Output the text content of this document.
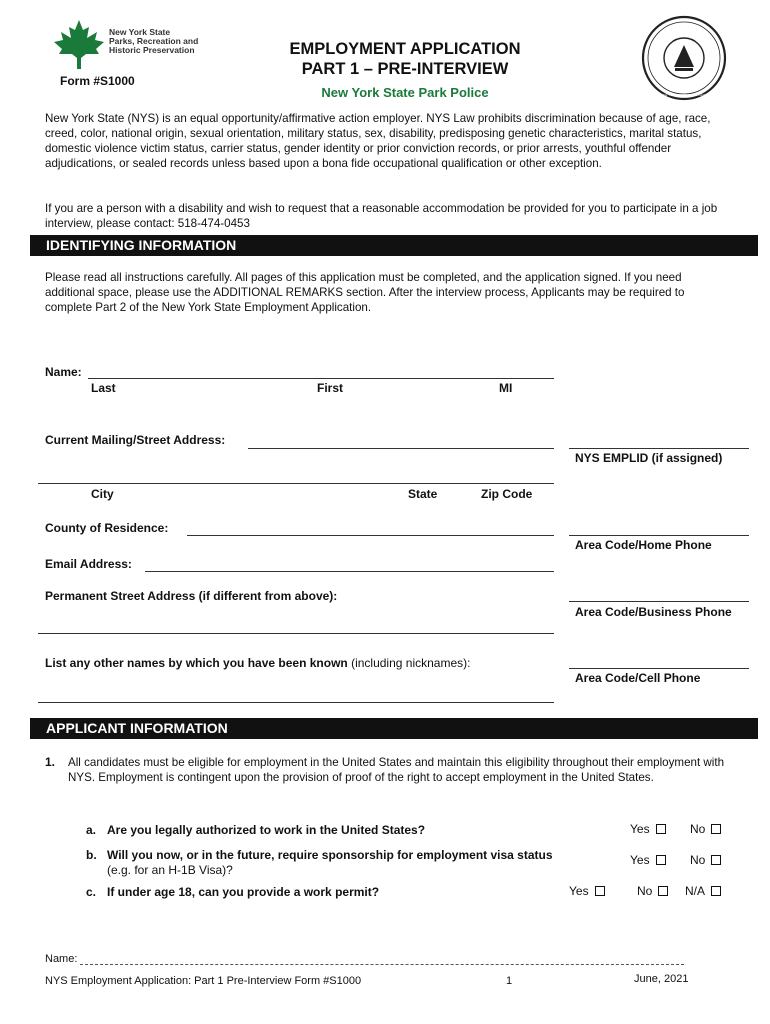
New York State
Parks, Recreation and
Historic Preservation
Form #S1000
EMPLOYMENT APPLICATION
PART 1 – PRE-INTERVIEW
New York State Park Police	NEW YORK STATE PARK POLICE
New York State (NYS) is an equal opportunity/affirmative action employer. NYS Law prohibits discrimination because of age, race, creed, color, national origin, sexual orientation, military status, sex, disability, predisposing genetic characteristics, marital status, domestic violence victim status, carrier status, gender identity or prior conviction records, or prior arrests, youthful offender adjudications, or sealed records unless based upon a bona fide occupational qualification or other exception.
If you are a person with a disability and wish to request that a reasonable accommodation be provided for you to participate in a job interview, please contact: 518-474-0453
IDENTIFYING INFORMATION
Please read all instructions carefully. All pages of this application must be completed, and the application signed. If you need additional space, please use the ADDITIONAL REMARKS section. After the interview process, Applicants may be required to complete Part 2 of the New York State Employment Application.
Name:
Last	First	MI
Current Mailing/Street Address:
NYS EMPLID (if assigned)
City	State	Zip Code
County of Residence:
Area Code/Home Phone
Email Address:
Permanent Street Address (if different from above):
Area Code/Business Phone
List any other names by which you have been known (including nicknames):
Area Code/Cell Phone
APPLICANT INFORMATION
1. All candidates must be eligible for employment in the United States and maintain this eligibility throughout their employment with NYS. Employment is contingent upon the provision of proof of the right to accept employment in the United States.
a. Are you legally authorized to work in the United States?	Yes	No
b. Will you now, or in the future, require sponsorship for employment visa status
(e.g. for an H-1B Visa)?
Yes	No
c. If under age 18, can you provide a work permit?	Yes	No	N/A
Name:
NYS Employment Application: Part 1 Pre-Interview Form #S1000	1	June, 2021
